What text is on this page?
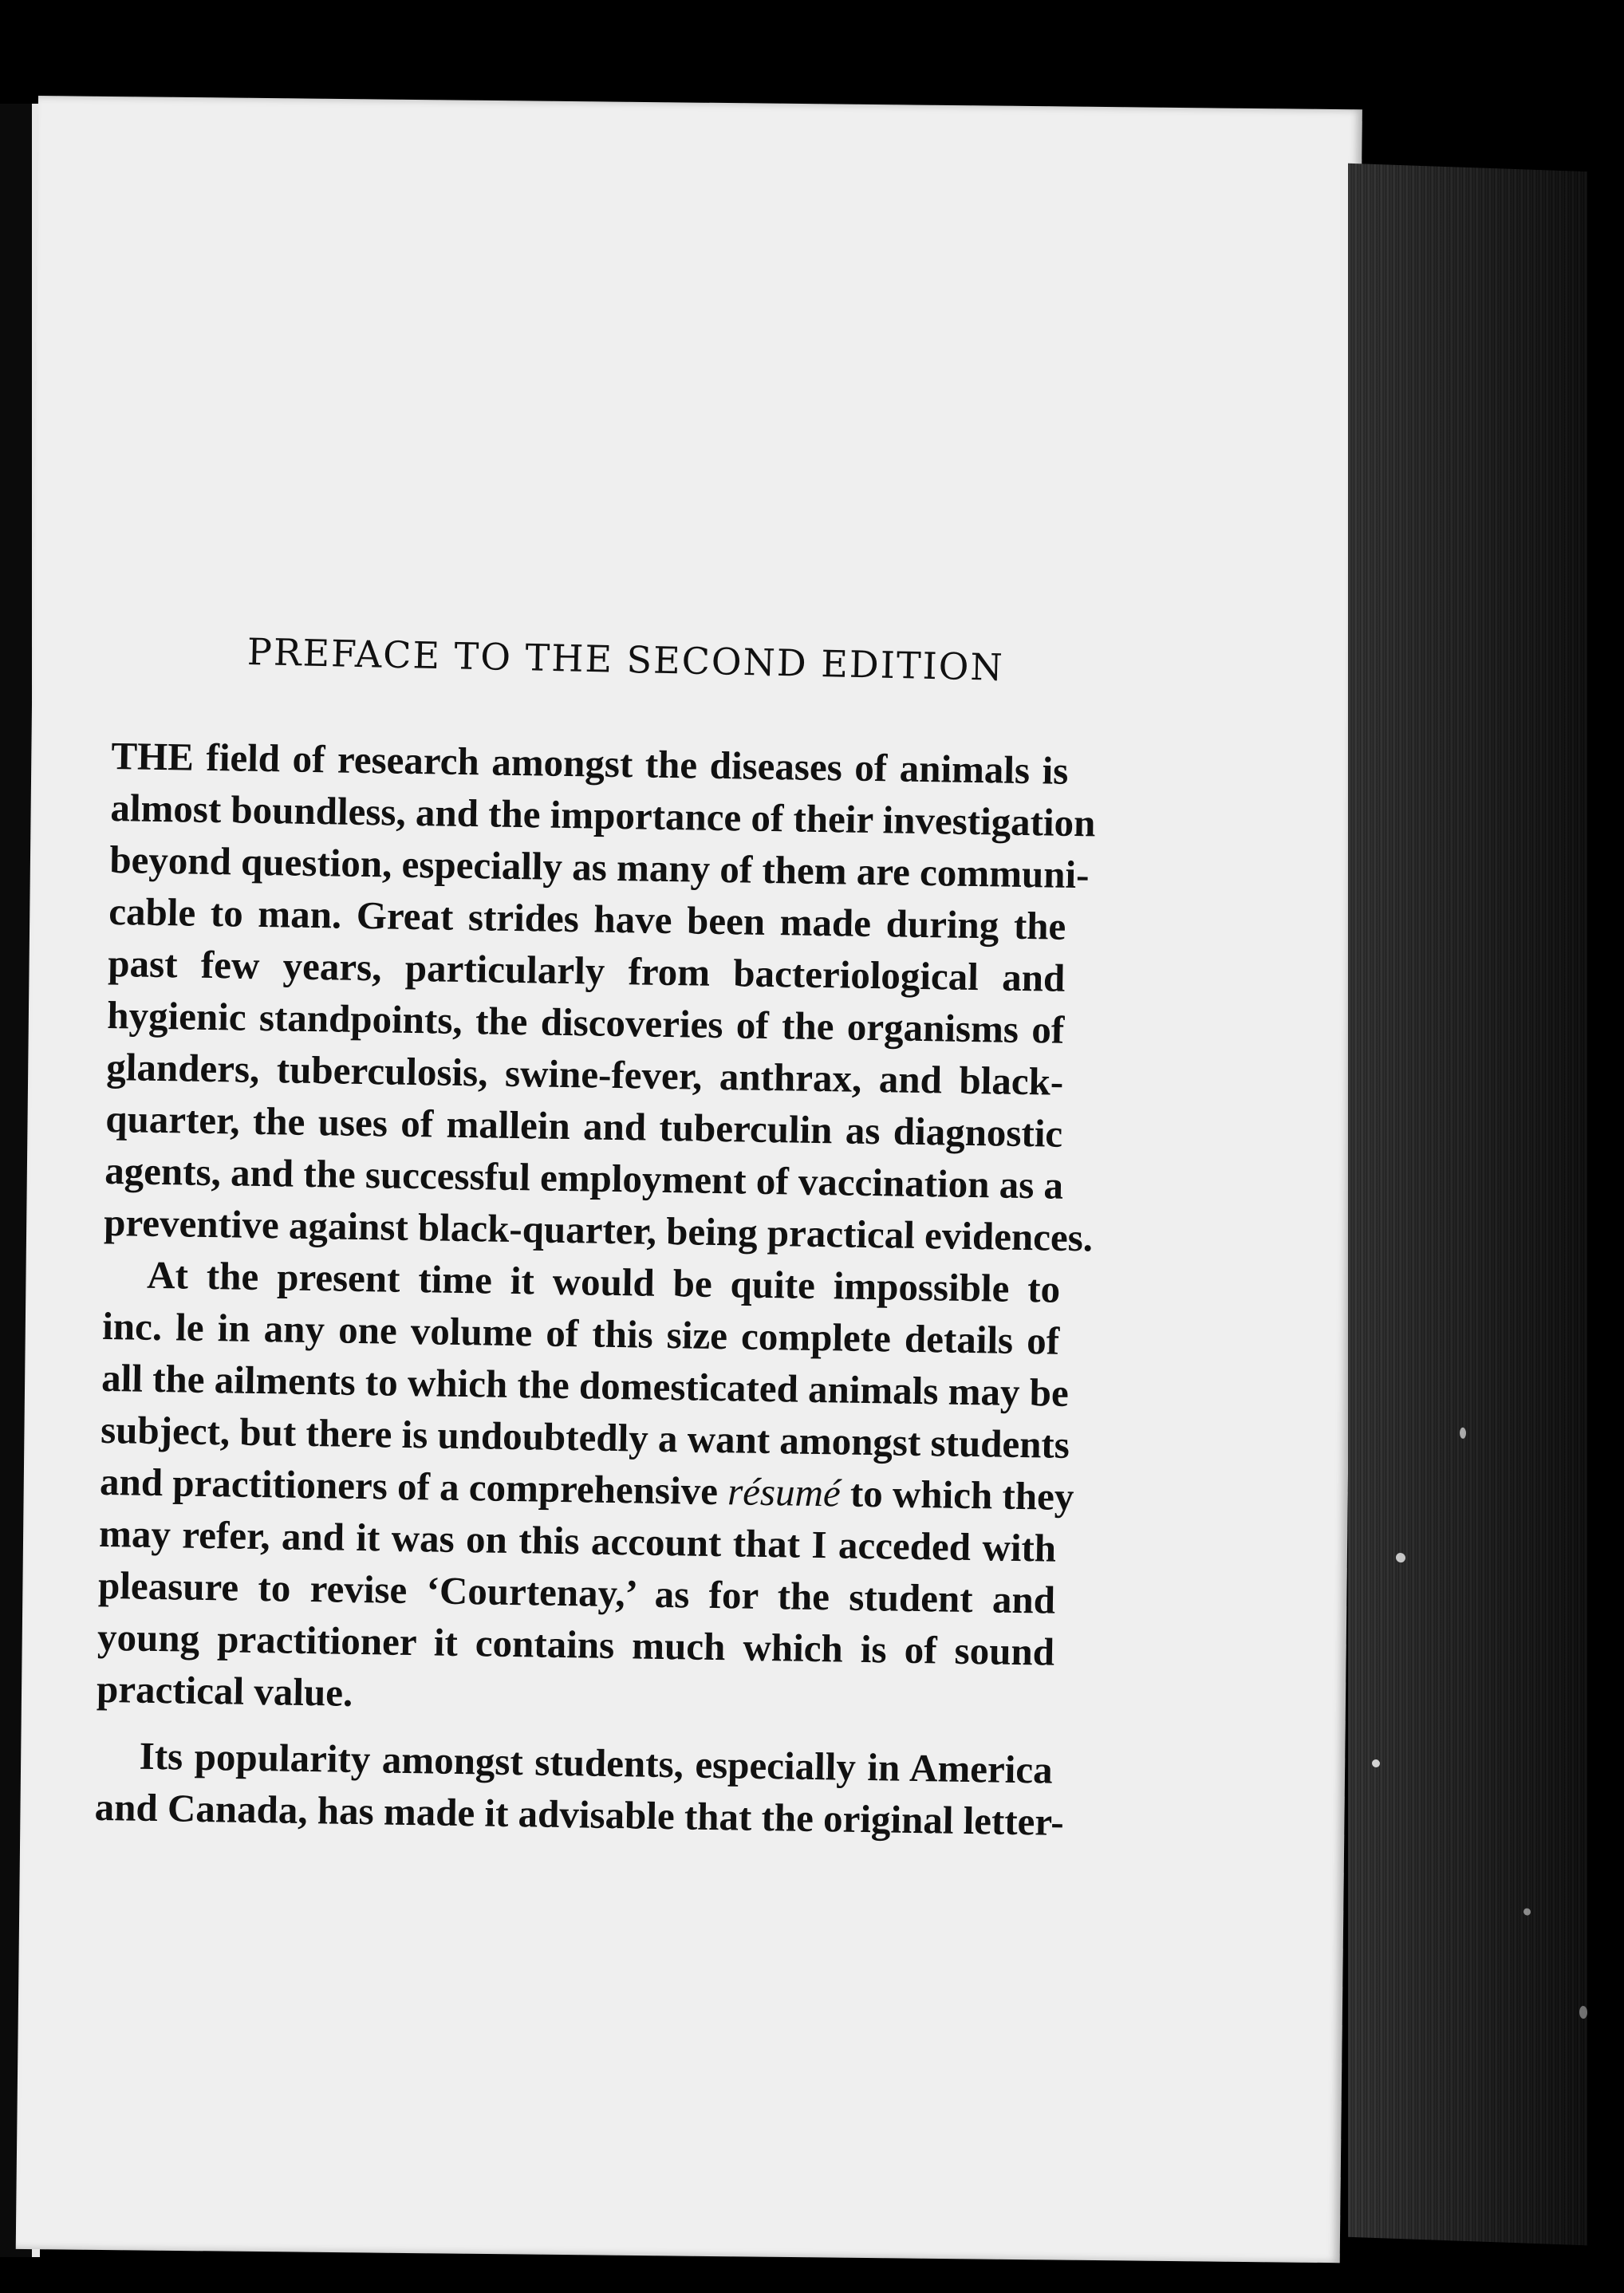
PREFACE TO THE SECOND EDITION
THE field of research amongst the diseases of animals is
almost boundless, and the importance of their investigation
beyond question, especially as many of them are communi-
cable to man. Great strides have been made during the
past few years, particularly from bacteriological and
hygienic standpoints, the discoveries of the organisms of
glanders, tuberculosis, swine-fever, anthrax, and black-
quarter, the uses of mallein and tuberculin as diagnostic
agents, and the successful employment of vaccination as a
preventive against black-quarter, being practical evidences.
At the present time it would be quite impossible to
inc. le in any one volume of this size complete details of
all the ailments to which the domesticated animals may be
subject, but there is undoubtedly a want amongst students
and practitioners of a comprehensive résumé to which they
may refer, and it was on this account that I acceded with
pleasure to revise ‘Courtenay,’ as for the student and
young practitioner it contains much which is of sound
practical value.
Its popularity amongst students, especially in America
and Canada, has made it advisable that the original letter-
